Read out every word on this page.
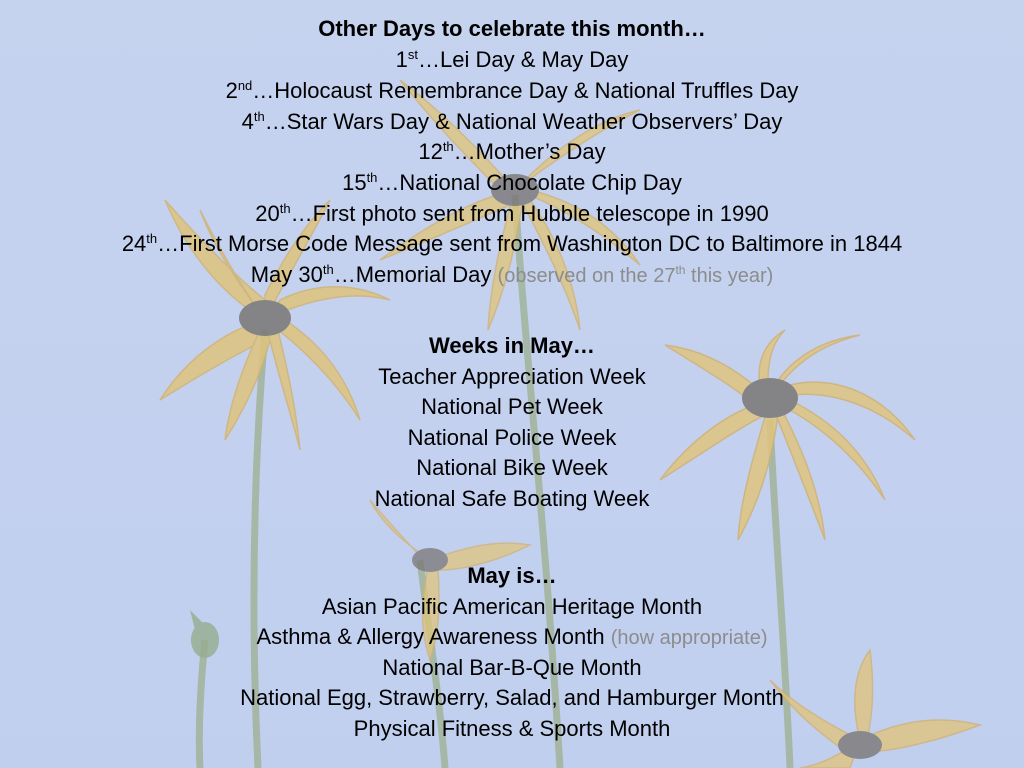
Other Days to celebrate this month…
1st…Lei Day & May Day
2nd…Holocaust Remembrance Day & National Truffles Day
4th…Star Wars Day & National Weather Observers’ Day
12th…Mother’s Day
15th…National Chocolate Chip Day
20th…First photo sent from Hubble telescope in 1990
24th…First Morse Code Message sent from Washington DC to Baltimore in 1844
May 30th…Memorial Day (observed on the 27th this year)
Weeks in May…
Teacher Appreciation Week
National Pet Week
National Police Week
National Bike Week
National Safe Boating Week
May is…
Asian Pacific American Heritage Month
Asthma & Allergy Awareness Month (how appropriate)
National Bar-B-Que Month
National Egg, Strawberry, Salad, and Hamburger Month
Physical Fitness & Sports Month
